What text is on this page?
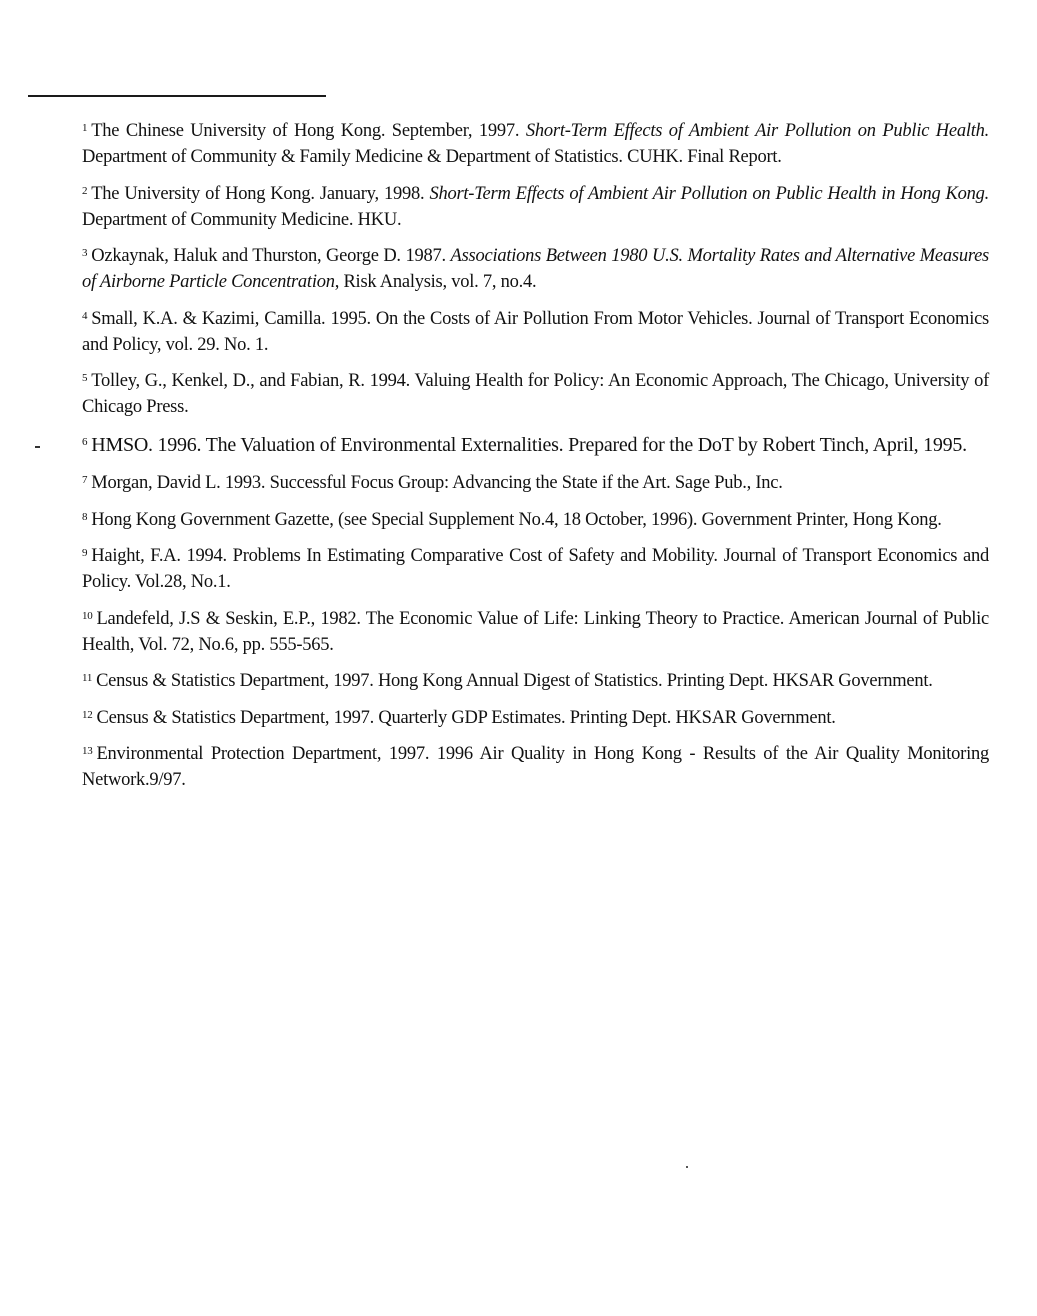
$^1$ The Chinese University of Hong Kong. September, 1997. Short-Term Effects of Ambient Air Pollution on Public Health. Department of Community & Family Medicine & Department of Statistics. CUHK. Final Report.

$^2$ The University of Hong Kong. January, 1998. Short-Term Effects of Ambient Air Pollution on Public Health in Hong Kong. Department of Community Medicine. HKU.

$^3$ Ozkaynak, Haluk and Thurston, George D. 1987. Associations Between 1980 U.S. Mortality Rates and Alternative Measures of Airborne Particle Concentration, Risk Analysis, vol. 7, no.4.

$^4$ Small, K.A. & Kazimi, Camilla. 1995. On the Costs of Air Pollution From Motor Vehicles. Journal of Transport Economics and Policy, vol. 29. No. 1.

$^5$ Tolley, G., Kenkel, D., and Fabian, R. 1994. Valuing Health for Policy: An Economic Approach, The Chicago, University of Chicago Press.

$^6$ HMSO. 1996. The Valuation of Environmental Externalities. Prepared for the DoT by Robert Tinch, April, 1995.

$^7$ Morgan, David L. 1993. Successful Focus Group: Advancing the State if the Art. Sage Pub., Inc.

$^8$ Hong Kong Government Gazette, (see Special Supplement No.4, 18 October, 1996). Government Printer, Hong Kong.

$^9$ Haight, F.A. 1994. Problems In Estimating Comparative Cost of Safety and Mobility. Journal of Transport Economics and Policy. Vol.28, No.1.

$^{10}$ Landefeld, J.S & Seskin, E.P., 1982. The Economic Value of Life: Linking Theory to Practice. American Journal of Public Health, Vol. 72, No.6, pp. 555-565.

$^{11}$ Census & Statistics Department, 1997. Hong Kong Annual Digest of Statistics. Printing Dept. HKSAR Government.

$^{12}$ Census & Statistics Department, 1997. Quarterly GDP Estimates. Printing Dept. HKSAR Government.

$^{13}$ Environmental Protection Department, 1997. 1996 Air Quality in Hong Kong - Results of the Air Quality Monitoring Network.9/97.
